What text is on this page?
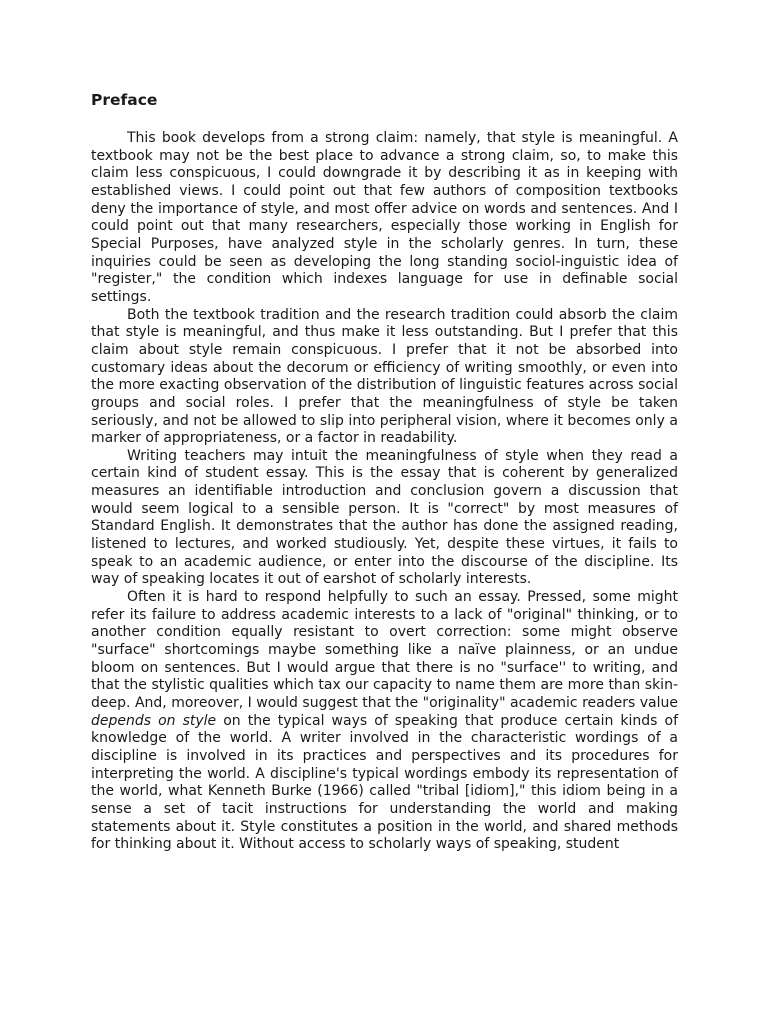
Preface

This book develops from a strong claim: namely, that style is meaningful. A textbook may not be the best place to advance a strong claim, so, to make this claim less conspicuous, I could downgrade it by describing it as in keeping with established views. I could point out that few authors of composition textbooks deny the importance of style, and most offer advice on words and sentences. And I could point out that many researchers, especially those working in English for Special Purposes, have analyzed style in the scholarly genres. In turn, these inquiries could be seen as developing the long standing sociol-inguistic idea of "register," the condition which indexes language for use in definable social settings.

Both the textbook tradition and the research tradition could absorb the claim that style is meaningful, and thus make it less outstanding. But I prefer that this claim about style remain conspicuous. I prefer that it not be absorbed into customary ideas about the decorum or efficiency of writing smoothly, or even into the more exacting observation of the distribution of linguistic features across social groups and social roles. I prefer that the meaningfulness of style be taken seriously, and not be allowed to slip into peripheral vision, where it becomes only a marker of appropriateness, or a factor in readability.

Writing teachers may intuit the meaningfulness of style when they read a certain kind of student essay. This is the essay that is coherent by generalized measures an identifiable introduction and conclusion govern a discussion that would seem logical to a sensible person. It is "correct" by most measures of Standard English. It demonstrates that the author has done the assigned reading, listened to lectures, and worked studiously. Yet, despite these virtues, it fails to speak to an academic audience, or enter into the discourse of the discipline. Its way of speaking locates it out of earshot of scholarly interests.

Often it is hard to respond helpfully to such an essay. Pressed, some might refer its failure to address academic interests to a lack of "original" thinking, or to another condition equally resistant to overt correction: some might observe "surface" shortcomings maybe something like a naïve plainness, or an undue bloom on sentences. But I would argue that there is no "surface'' to writing, and that the stylistic qualities which tax our capacity to name them are more than skin-deep. And, moreover, I would suggest that the "originality" academic readers value depends on style on the typical ways of speaking that produce certain kinds of knowledge of the world. A writer involved in the characteristic wordings of a discipline is involved in its practices and perspectives and its procedures for interpreting the world. A discipline's typical wordings embody its representation of the world, what Kenneth Burke (1966) called "tribal [idiom]," this idiom being in a sense a set of tacit instructions for understanding the world and making statements about it. Style constitutes a position in the world, and shared methods for thinking about it. Without access to scholarly ways of speaking, student
